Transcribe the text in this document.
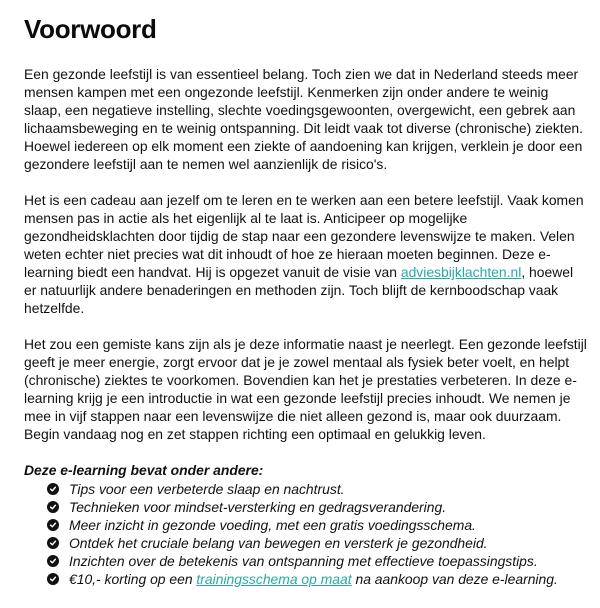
Voorwoord

Een gezonde leefstijl is van essentieel belang. Toch zien we dat in Nederland steeds meer mensen kampen met een ongezonde leefstijl. Kenmerken zijn onder andere te weinig slaap, een negatieve instelling, slechte voedingsgewoonten, overgewicht, een gebrek aan lichaamsbeweging en te weinig ontspanning. Dit leidt vaak tot diverse (chronische) ziekten. Hoewel iedereen op elk moment een ziekte of aandoening kan krijgen, verklein je door een gezondere leefstijl aan te nemen wel aanzienlijk de risico's.

Het is een cadeau aan jezelf om te leren en te werken aan een betere leefstijl. Vaak komen mensen pas in actie als het eigenlijk al te laat is. Anticipeer op mogelijke gezondheidsklachten door tijdig de stap naar een gezondere levenswijze te maken. Velen weten echter niet precies wat dit inhoudt of hoe ze hieraan moeten beginnen. Deze e-learning biedt een handvat. Hij is opgezet vanuit de visie van adviesbijklachten.nl, hoewel er natuurlijk andere benaderingen en methoden zijn. Toch blijft de kernboodschap vaak hetzelfde.

Het zou een gemiste kans zijn als je deze informatie naast je neerlegt. Een gezonde leefstijl geeft je meer energie, zorgt ervoor dat je je zowel mentaal als fysiek beter voelt, en helpt (chronische) ziektes te voorkomen. Bovendien kan het je prestaties verbeteren. In deze e-learning krijg je een introductie in wat een gezonde leefstijl precies inhoudt. We nemen je mee in vijf stappen naar een levenswijze die niet alleen gezond is, maar ook duurzaam. Begin vandaag nog en zet stappen richting een optimaal en gelukkig leven.

Deze e-learning bevat onder andere:
Tips voor een verbeterde slaap en nachtrust.
Technieken voor mindset-versterking en gedragsverandering.
Meer inzicht in gezonde voeding, met een gratis voedingsschema.
Ontdek het cruciale belang van bewegen en versterk je gezondheid.
Inzichten over de betekenis van ontspanning met effectieve toepassingstips.
€10,- korting op een trainingsschema op maat na aankoop van deze e-learning.
